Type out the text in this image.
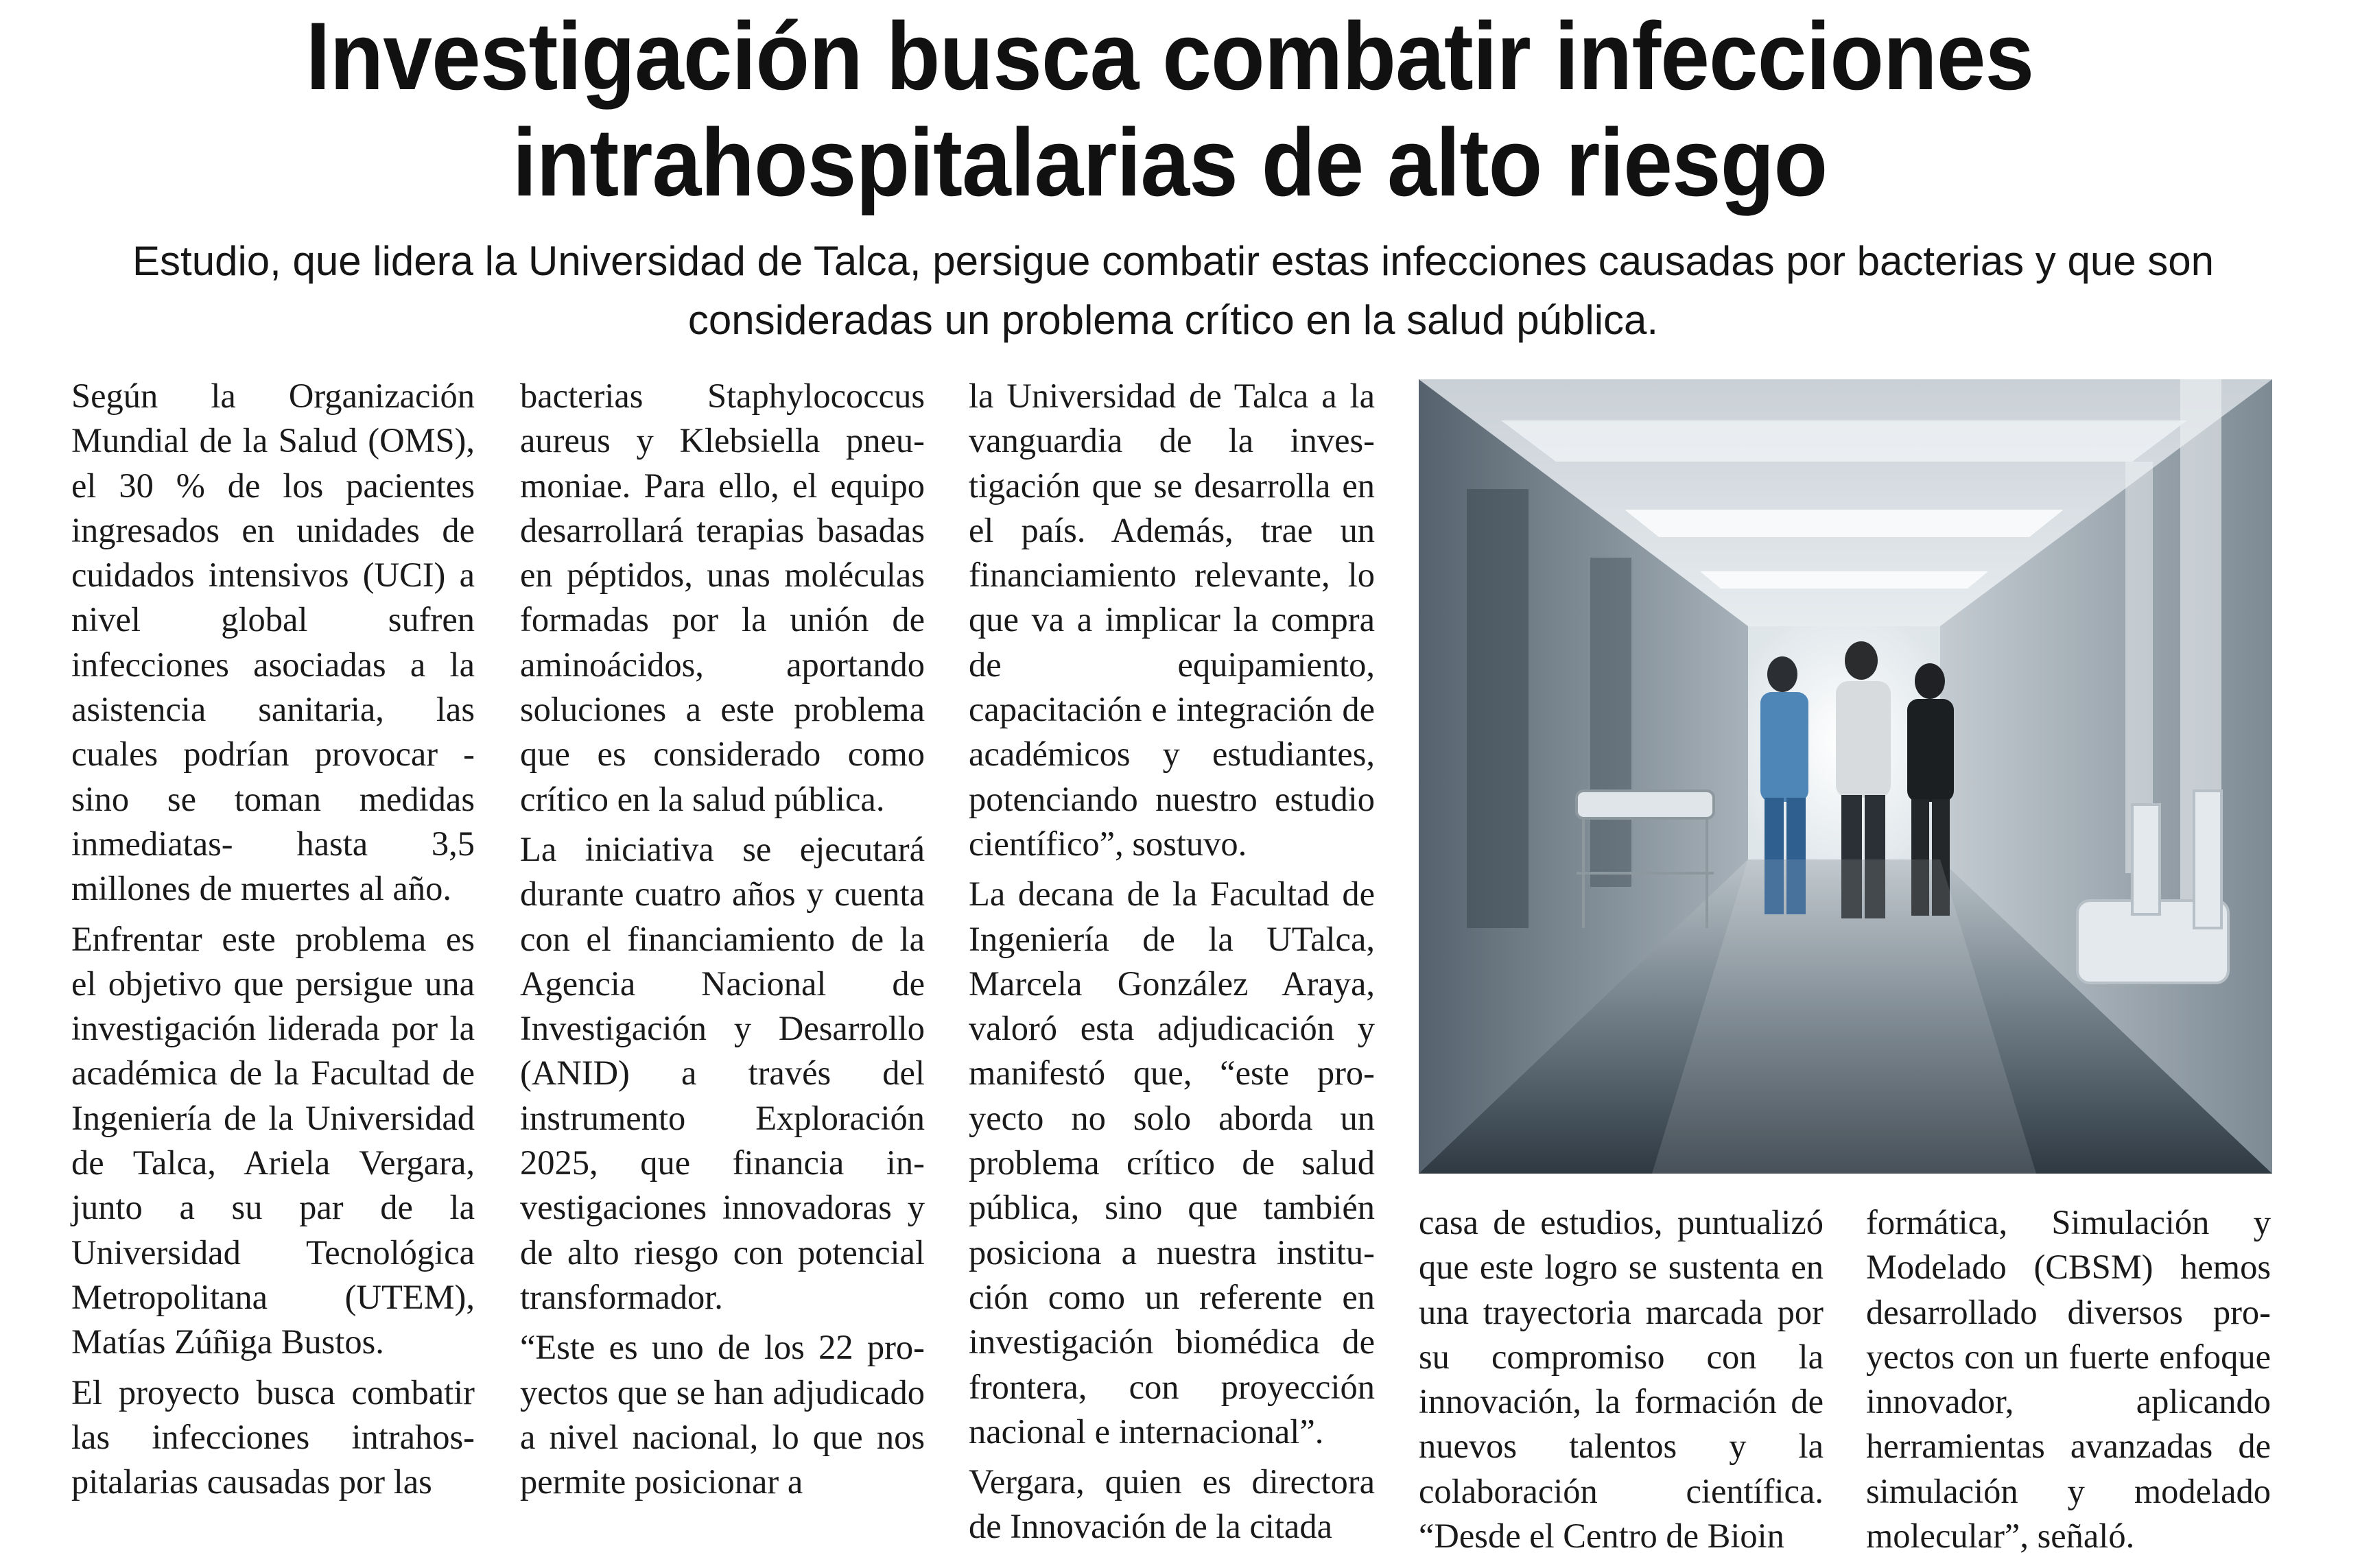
Investigación busca combatir infecciones
intrahospitalarias de alto riesgo

Estudio, que lidera la Universidad de Talca, persigue combatir estas infecciones causadas por bacterias y que son consideradas un problema crítico en la salud pública.

Según la Organización Mundial de la Salud (OMS), el 30 % de los pacientes ingresados en unidades de cuidados intensivos (UCI) a nivel global sufren infecciones asociadas a la asistencia sanitaria, las cuales podrían provocar -sino se toman medidas inmediatas- hasta 3,5 millones de muertes al año.

Enfrentar este problema es el objetivo que persigue una investigación liderada por la académica de la Facultad de Ingeniería de la Universidad de Talca, Ariela Vergara, junto a su par de la Universidad Tecnológica Metropolitana (UTEM), Matías Zúñiga Bustos.

El proyecto busca combatir las infecciones intrahospitalarias causadas por las

bacterias Staphylococcus aureus y Klebsiella pneumoniae. Para ello, el equipo desarrollará terapias basadas en péptidos, unas moléculas formadas por la unión de aminoácidos, aportando soluciones a este problema que es considerado como crítico en la salud pública.

La iniciativa se ejecutará durante cuatro años y cuenta con el financiamiento de la Agencia Nacional de Investigación y Desarrollo (ANID) a través del instrumento Exploración 2025, que financia investigaciones innovadoras y de alto riesgo con potencial transformador.

“Este es uno de los 22 proyectos que se han adjudicado a nivel nacional, lo que nos permite posicionar a

la Universidad de Talca a la vanguardia de la investigación que se desarrolla en el país. Además, trae un financiamiento relevante, lo que va a implicar la compra de equipamiento, capacitación e integración de académicos y estudiantes, potenciando nuestro estudio científico”, sostuvo.

La decana de la Facultad de Ingeniería de la UTalca, Marcela González Araya, valoró esta adjudicación y manifestó que, “este proyecto no solo aborda un problema crítico de salud pública, sino que también posiciona a nuestra institución como un referente en investigación biomédica de frontera, con proyección nacional e internacional”.

Vergara, quien es directora de Innovación de la citada

casa de estudios, puntualizó que este logro se sustenta en una trayectoria marcada por su compromiso con la innovación, la formación de nuevos talentos y la colaboración científica. “Desde el Centro de Bioin

formática, Simulación y Modelado (CBSM) hemos desarrollado diversos proyectos con un fuerte enfoque innovador, aplicando herramientas avanzadas de simulación y modelado molecular”, señaló.
